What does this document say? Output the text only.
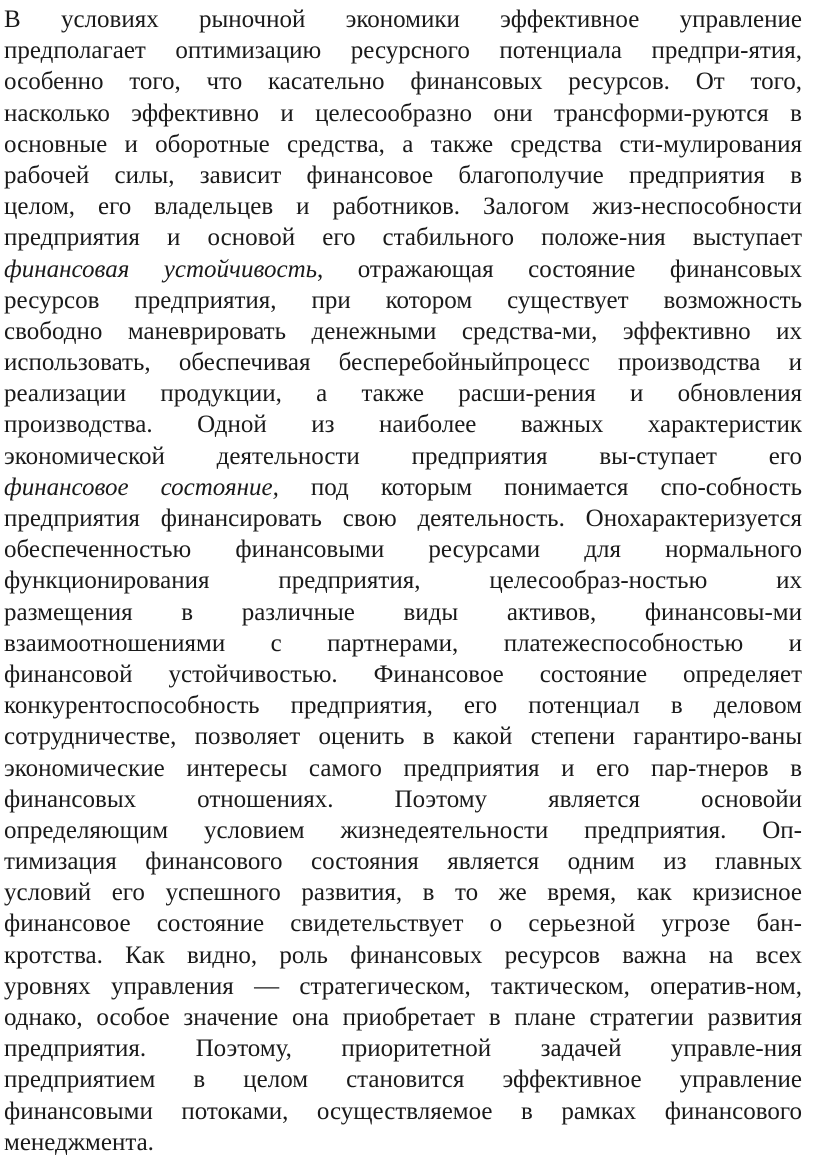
В условиях рыночной экономики эффективное управление
предполагает оптимизацию ресурсного потенциала предпри-ятия,
особенно того, что касательно финансовых ресурсов. От того,
насколько эффективно и целесообразно они трансформи-руются в
основные и оборотные средства, а также средства сти-мулирования
рабочей силы, зависит финансовое благополучие предприятия в
целом, его владельцев и работников. Залогом жиз-неспособности
предприятия и основой его стабильного положе-ния выступает
финансовая устойчивость, отражающая состояние финансовых
ресурсов предприятия, при котором существует возможность
свободно маневрировать денежными средства-ми, эффективно их
использовать, обеспечивая бесперебойныйпроцесс производства и
реализации продукции, а также расши-рения и обновления
производства. Одной из наиболее важных характеристик
экономической деятельности предприятия вы-ступает его
финансовое состояние, под которым понимается спо-собность
предприятия финансировать свою деятельность. Онохарактеризуется
обеспеченностью финансовыми ресурсами для нормального
функционирования предприятия, целесообраз-ностью их
размещения в различные виды активов, финансовы-ми
взаимоотношениями с партнерами, платежеспособностью и
финансовой устойчивостью. Финансовое состояние определяет
конкурентоспособность предприятия, его потенциал в деловом
сотрудничестве, позволяет оценить в какой степени гарантиро-ваны
экономические интересы самого предприятия и его пар-тнеров в
финансовых отношениях. Поэтому является основойи
определяющим условием жизнедеятельности предприятия. Оп-
тимизация финансового состояния является одним из главных
условий его успешного развития, в то же время, как кризисное
финансовое состояние свидетельствует о серьезной угрозе бан-
кротства. Как видно, роль финансовых ресурсов важна на всех
уровнях управления — стратегическом, тактическом, оператив-ном,
однако, особое значение она приобретает в плане стратегии развития
предприятия. Поэтому, приоритетной задачей управле-ния
предприятием в целом становится эффективное управление
финансовыми потоками, осуществляемое в рамках финансового
менеджмента.
